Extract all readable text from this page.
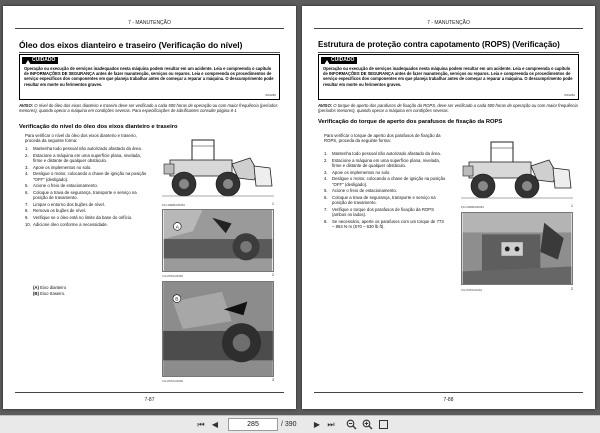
7 - MANUTENÇÃO
Óleo dos eixos dianteiro e traseiro (Verificação do nível)
CUIDADO
Operação ou execução de serviços inadequados nesta máquina podem resultar em um acidente. Leia e compreenda o capítulo de INFORMAÇÕES DE SEGURANÇA antes de fazer manutenção, serviços ou reparos. Leia e compreenda os procedimentos de serviço específicos dos componentes em que planeja trabalhar antes de começar a reparar a máquina. O descumprimento pode resultar em morte ou ferimentos graves.
W0128A
AVISO: O nível do óleo dos eixos dianteiro e traseiro deve ser verificado a cada 500 horas de operação ou com maior frequência (períodos menores), quando operar a máquina em condições severas. Para especificações de lubrificantes consulte página 8-1
Verificação do nível do óleo dos eixos dianteiro e traseiro
Para verificar o nível do óleo dos eixos dianteiro e traseiro, proceda da seguinte forma:
1.	Mantenha todo pessoal não autorizado afastado da área.
2.	Estacione a máquina em uma superfície plana, nivelada, firme e distante de qualquer obstáculo.
3.	Apoie os implementos no solo.
4.	Desligue o motor, colocando a chave de ignição na posição "OFF" (desligado).
5.	Acione o freio de estacionamento.
6.	Coloque a trava de segurança, transporte e serviço na posição de travamento.
7.	Limpar o entorno dos bujões de nível.
8.	Remova os bujões de nível.
9.	Verifique se o óleo está no limite da base do orifício.
10. Adicione óleo conforme a necessidade.
(A) Eixo dianteiro
(B) Eixo traseiro.
PLC19986A00064	1
A
CIL17ROL01045	2
B
CIL17ROL01046	3
7-87
7 - MANUTENÇÃO
Estrutura de proteção contra capotamento (ROPS) (Verificação)
CUIDADO
Operação ou execução de serviços inadequados nesta máquina podem resultar em um acidente. Leia e compreenda o capítulo de INFORMAÇÕES DE SEGURANÇA antes de fazer manutenção, serviços ou reparos. Leia e compreenda os procedimentos de serviço específicos dos componentes em que planeja trabalhar antes de começar a reparar a máquina. O descumprimento pode resultar em morte ou ferimentos graves.
W0128A
AVISO: O torque de aperto dos parafusos de fixação da ROPS, deve ser verificado a cada 500 horas de operação ou com maior frequência (períodos menores), quando operar a máquina em condições severas.
Verificação do torque de aperto dos parafusos de fixação da ROPS
Para verificar o torque de aperto dos parafusos de fixação da ROPS, proceda da seguinte forma:
1.	Mantenha todo pessoal não autorizado afastado da área.
2.	Estacione a máquina em uma superfície plana, nivelada, firme e distante de qualquer obstáculo.
3.	Apoie os implementos no solo.
4.	Desligue o motor, colocando a chave de ignição na posição "OFF" (desligado).
5.	Acione o freio de estacionamento.
6.	Coloque a trava de segurança, transporte e serviço na posição de travamento.
7.	Verifique o torque dos parafusos de fixação da ROPS (ambos os lados).
8.	Se necessário, aperte os parafusos com um torque de 773 – 854 N·m (570 – 630 lb ft).
PLC19986A00064	1
CIL17ROL01044	2
7-88
⏮ ◀	285	/ 390 ▶ ⏭
